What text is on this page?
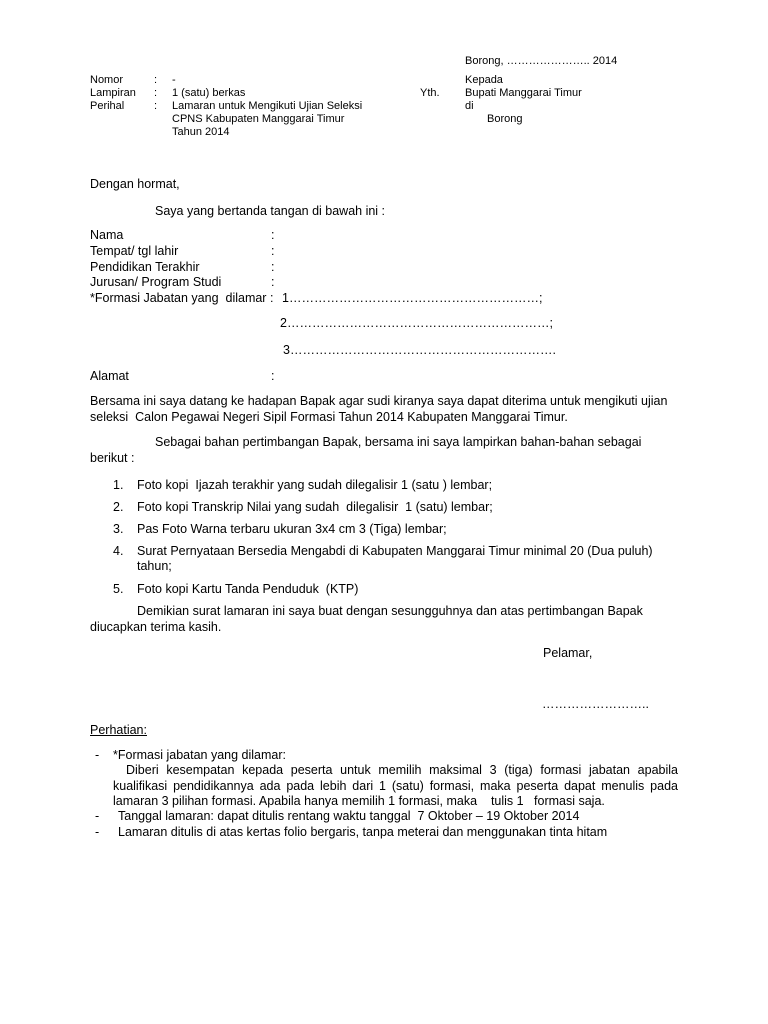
Borong, ………………….. 2014
Nomor	: -
Lampiran : 1 (satu) berkas
Perihal	: Lamaran untuk Mengikuti Ujian Seleksi
CPNS Kabupaten Manggarai Timur
Tahun 2014
Kepada
Yth. Bupati Manggarai Timur
di
Borong
Dengan hormat,
Saya yang bertanda tangan di bawah ini :
Nama	:
Tempat/ tgl lahir	:
Pendidikan Terakhir	:
Jurusan/ Program Studi	:
*Formasi Jabatan yang  dilamar : 1……………………………………………………;
2………………………………………………………;
3……………………………………………………….
Alamat	:
Bersama ini saya datang ke hadapan Bapak agar sudi kiranya saya dapat diterima untuk mengikuti ujian
seleksi  Calon Pegawai Negeri Sipil Formasi Tahun 2014 Kabupaten Manggarai Timur.
Sebagai bahan pertimbangan Bapak, bersama ini saya lampirkan bahan-bahan sebagai
berikut :
1. Foto kopi  Ijazah terakhir yang sudah dilegalisir 1 (satu ) lembar;
2. Foto kopi Transkrip Nilai yang sudah  dilegalisir  1 (satu) lembar;
3. Pas Foto Warna terbaru ukuran 3x4 cm 3 (Tiga) lembar;
4. Surat Pernyataan Bersedia Mengabdi di Kabupaten Manggarai Timur minimal 20 (Dua puluh)
tahun;
5. Foto kopi Kartu Tanda Penduduk  (KTP)
Demikian surat lamaran ini saya buat dengan sesungguhnya dan atas pertimbangan Bapak
diucapkan terima kasih.
Pelamar,
……………………..
Perhatian:
- *Formasi jabatan yang dilamar:
Diberi kesempatan kepada peserta untuk memilih maksimal 3 (tiga) formasi jabatan apabila
kualifikasi pendidikannya ada pada lebih dari 1 (satu) formasi, maka peserta dapat menulis pada
lamaran 3 pilihan formasi. Apabila hanya memilih 1 formasi, maka    tulis 1   formasi saja.
- Tanggal lamaran: dapat ditulis rentang waktu tanggal  7 Oktober – 19 Oktober 2014
- Lamaran ditulis di atas kertas folio bergaris, tanpa meterai dan menggunakan tinta hitam
